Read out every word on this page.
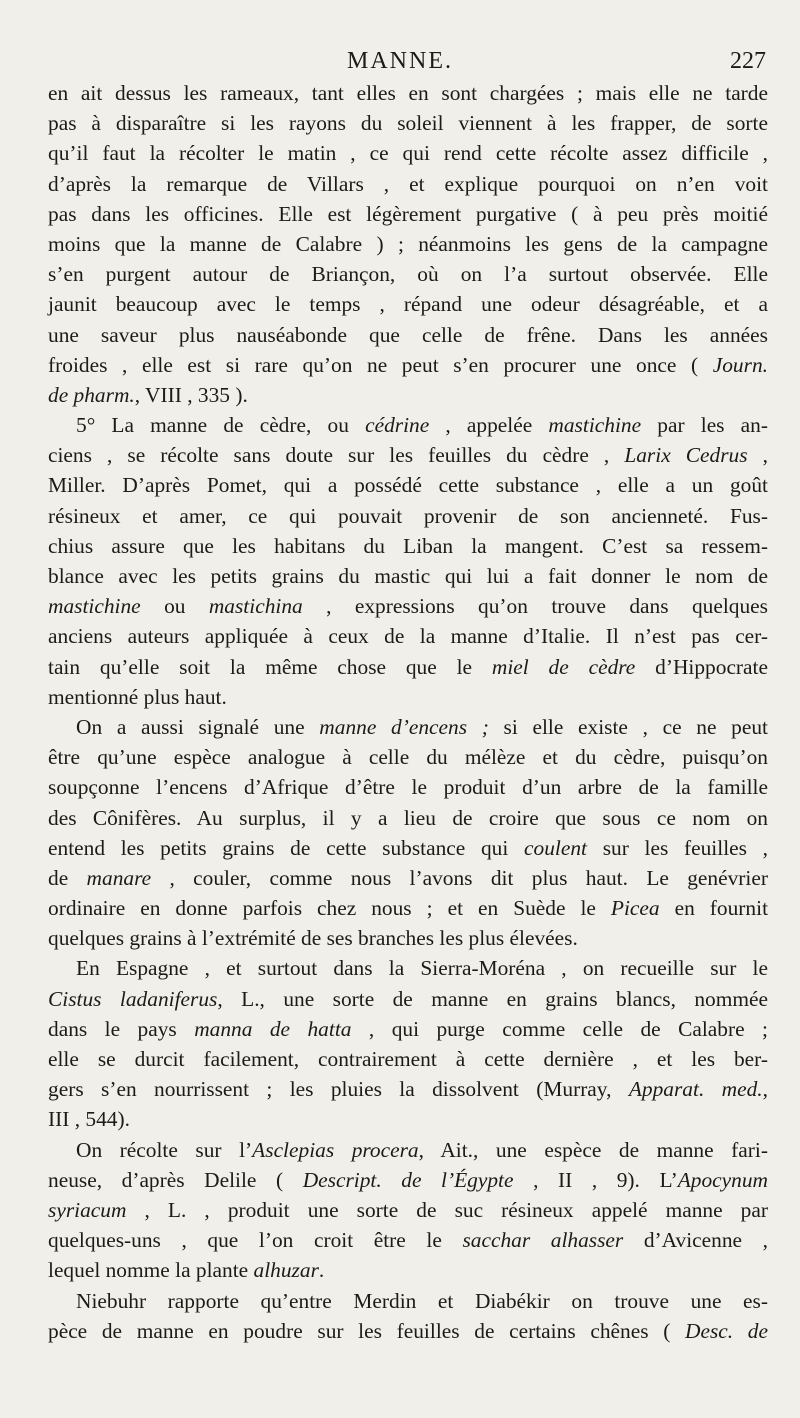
MANNE.	227
en ait dessus les rameaux, tant elles en sont chargées ; mais elle ne tarde
pas à disparaître si les rayons du soleil viennent à les frapper, de sorte
qu’il faut la récolter le matin , ce qui rend cette récolte assez difficile ,
d’après la remarque de Villars , et explique pourquoi on n’en voit
pas dans les officines. Elle est légèrement purgative ( à peu près moitié
moins que la manne de Calabre ) ; néanmoins les gens de la campagne
s’en purgent autour de Briançon, où on l’a surtout observée. Elle
jaunit beaucoup avec le temps , répand une odeur désagréable, et a
une saveur plus nauséabonde que celle de frêne. Dans les années
froides , elle est si rare qu’on ne peut s’en procurer une once ( Journ.
de pharm., VIII , 335 ).
5° La manne de cèdre, ou cédrine , appelée mastichine par les an-
ciens , se récolte sans doute sur les feuilles du cèdre , Larix Cedrus ,
Miller. D’après Pomet, qui a possédé cette substance , elle a un goût
résineux et amer, ce qui pouvait provenir de son ancienneté. Fus-
chius assure que les habitans du Liban la mangent. C’est sa ressem-
blance avec les petits grains du mastic qui lui a fait donner le nom de
mastichine ou mastichina , expressions qu’on trouve dans quelques
anciens auteurs appliquée à ceux de la manne d’Italie. Il n’est pas cer-
tain qu’elle soit la même chose que le miel de cèdre d’Hippocrate
mentionné plus haut.
On a aussi signalé une manne d’encens ; si elle existe , ce ne peut
être qu’une espèce analogue à celle du mélèze et du cèdre, puisqu’on
soupçonne l’encens d’Afrique d’être le produit d’un arbre de la famille
des Cônifères. Au surplus, il y a lieu de croire que sous ce nom on
entend les petits grains de cette substance qui coulent sur les feuilles ,
de manare , couler, comme nous l’avons dit plus haut. Le genévrier
ordinaire en donne parfois chez nous ; et en Suède le Picea en fournit
quelques grains à l’extrémité de ses branches les plus élevées.
En Espagne , et surtout dans la Sierra-Moréna , on recueille sur le
Cistus ladaniferus, L., une sorte de manne en grains blancs, nommée
dans le pays manna de hatta , qui purge comme celle de Calabre ;
elle se durcit facilement, contrairement à cette dernière , et les ber-
gers s’en nourrissent ; les pluies la dissolvent (Murray, Apparat. med.,
III , 544).
On récolte sur l’Asclepias procera, Ait., une espèce de manne fari-
neuse, d’après Delile ( Descript. de l’Égypte , II , 9). L’Apocynum
syriacum , L. , produit une sorte de suc résineux appelé manne par
quelques-uns , que l’on croit être le sacchar alhasser d’Avicenne ,
lequel nomme la plante alhuzar.
Niebuhr rapporte qu’entre Merdin et Diabékir on trouve une es-
pèce de manne en poudre sur les feuilles de certains chênes ( Desc. de
